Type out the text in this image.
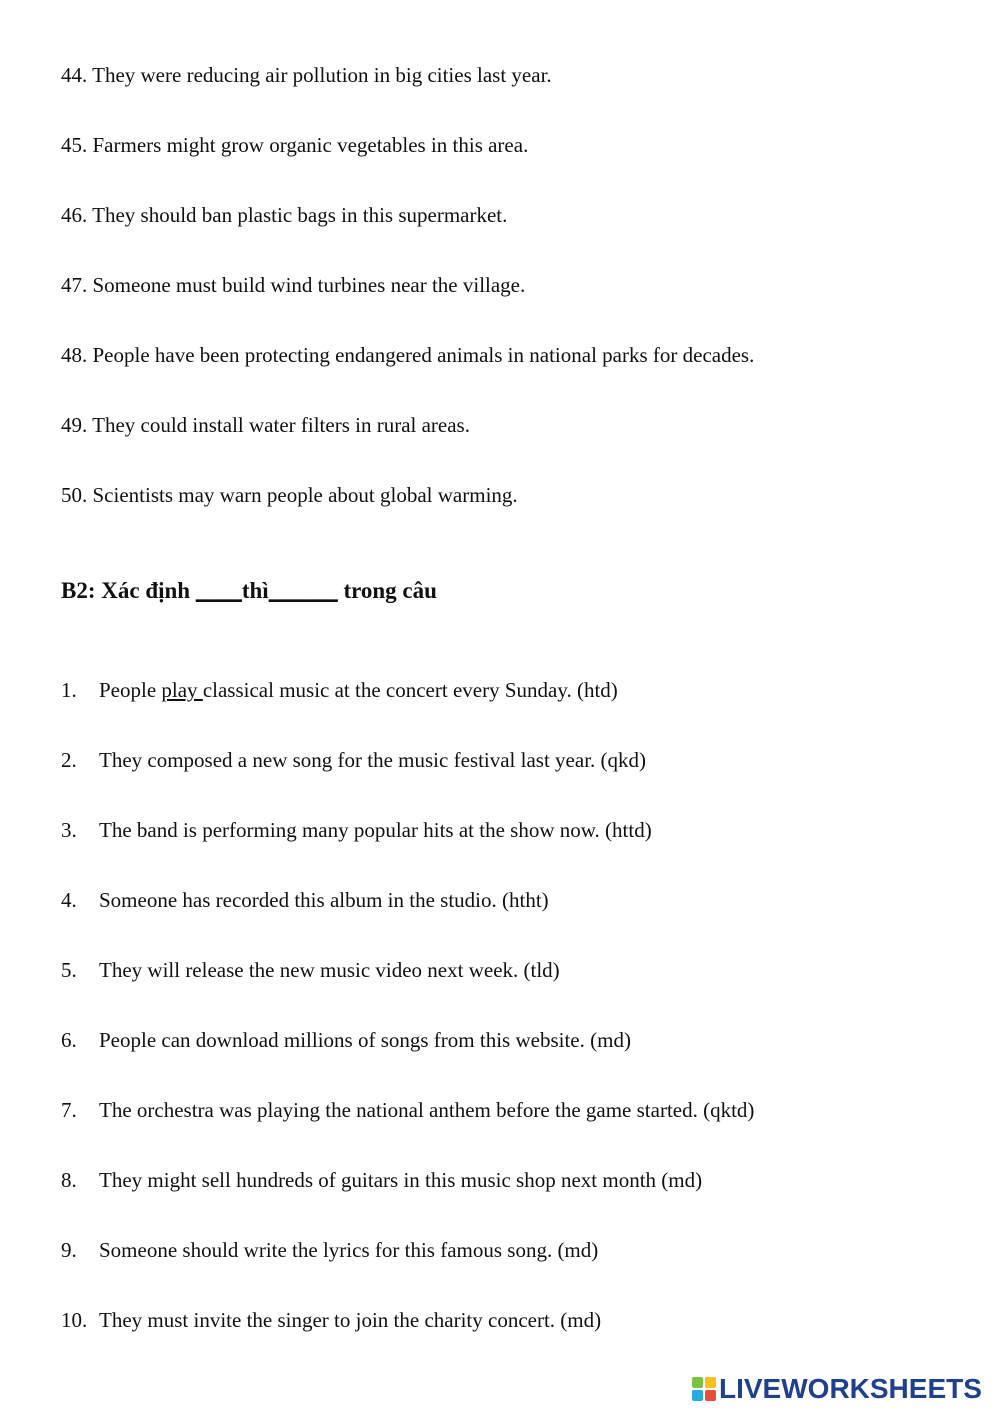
44. They were reducing air pollution in big cities last year.
45. Farmers might grow organic vegetables in this area.
46. They should ban plastic bags in this supermarket.
47. Someone must build wind turbines near the village.
48. People have been protecting endangered animals in national parks for decades.
49. They could install water filters in rural areas.
50. Scientists may warn people about global warming.
B2: Xác định ____thì______ trong câu
1. People play classical music at the concert every Sunday. (htd)
2. They composed a new song for the music festival last year. (qkd)
3. The band is performing many popular hits at the show now. (httd)
4. Someone has recorded this album in the studio. (htht)
5. They will release the new music video next week. (tld)
6. People can download millions of songs from this website. (md)
7. The orchestra was playing the national anthem before the game started. (qktd)
8. They might sell hundreds of guitars in this music shop next month (md)
9. Someone should write the lyrics for this famous song. (md)
10. They must invite the singer to join the charity concert. (md)
LIVEWORKSHEETS
